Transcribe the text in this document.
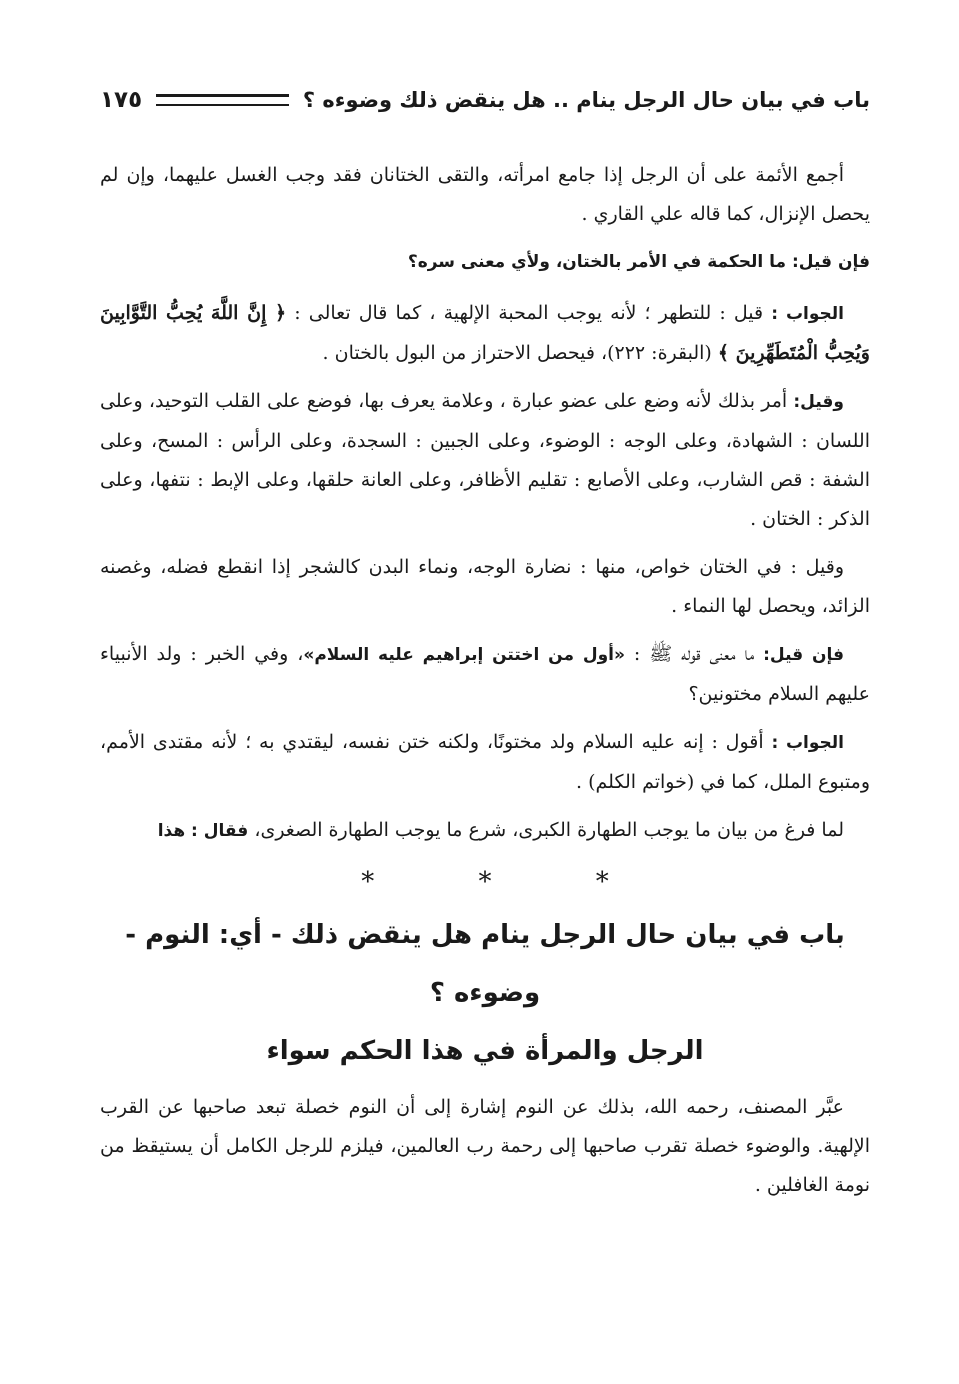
باب في بيان حال الرجل ينام .. هل ينقض ذلك وضوءه ؟
١٧٥

أجمع الأئمة على أن الرجل إذا جامع امرأته، والتقى الختانان فقد وجب الغسل عليهما، وإن لم يحصل الإنزال، كما قاله علي القاري .

فإن قيل: ما الحكمة في الأمر بالختان، ولأي معنى سره؟

الجواب : قيل : للتطهر ؛ لأنه يوجب المحبة الإلهية ، كما قال تعالى : ﴿ إِنَّ اللَّهَ يُحِبُّ التَّوَّابِينَ وَيُحِبُّ الْمُتَطَهِّرِينَ ﴾ (البقرة: ٢٢٢)، فيحصل الاحتراز من البول بالختان .

وقيل: أمر بذلك لأنه وضع على عضو عبارة ، وعلامة يعرف بها، فوضع على القلب التوحيد، وعلى اللسان : الشهادة، وعلى الوجه : الوضوء، وعلى الجبين : السجدة، وعلى الرأس : المسح، وعلى الشفة : قص الشارب، وعلى الأصابع : تقليم الأظافر، وعلى العانة حلقها، وعلى الإبط : نتفها، وعلى الذكر : الختان .

وقيل : في الختان خواص، منها : نضارة الوجه، ونماء البدن كالشجر إذا انقطع فضله، وغصنه الزائد، ويحصل لها النماء .

فإن قيل: ما معنى قوله ﷺ : «أول من اختتن إبراهيم عليه السلام»، وفي الخبر : ولد الأنبياء عليهم السلام مختونين؟

الجواب : أقول : إنه عليه السلام ولد مختونًا، ولكنه ختن نفسه، ليقتدي به ؛ لأنه مقتدى الأمم، ومتبوع الملل، كما في (خواتم الكلم) .

لما فرغ من بيان ما يوجب الطهارة الكبرى، شرع ما يوجب الطهارة الصغرى، فقال : هذا

* * *
باب في بيان حال الرجل ينام هل ينقض ذلك - أي: النوم - وضوءه ؟
الرجل والمرأة في هذا الحكم سواء

عبَّر المصنف، رحمه الله، بذلك عن النوم إشارة إلى أن النوم خصلة تبعد صاحبها عن القرب الإلهية. والوضوء خصلة تقرب صاحبها إلى رحمة رب العالمين، فيلزم للرجل الكامل أن يستيقظ من نومة الغافلين .
